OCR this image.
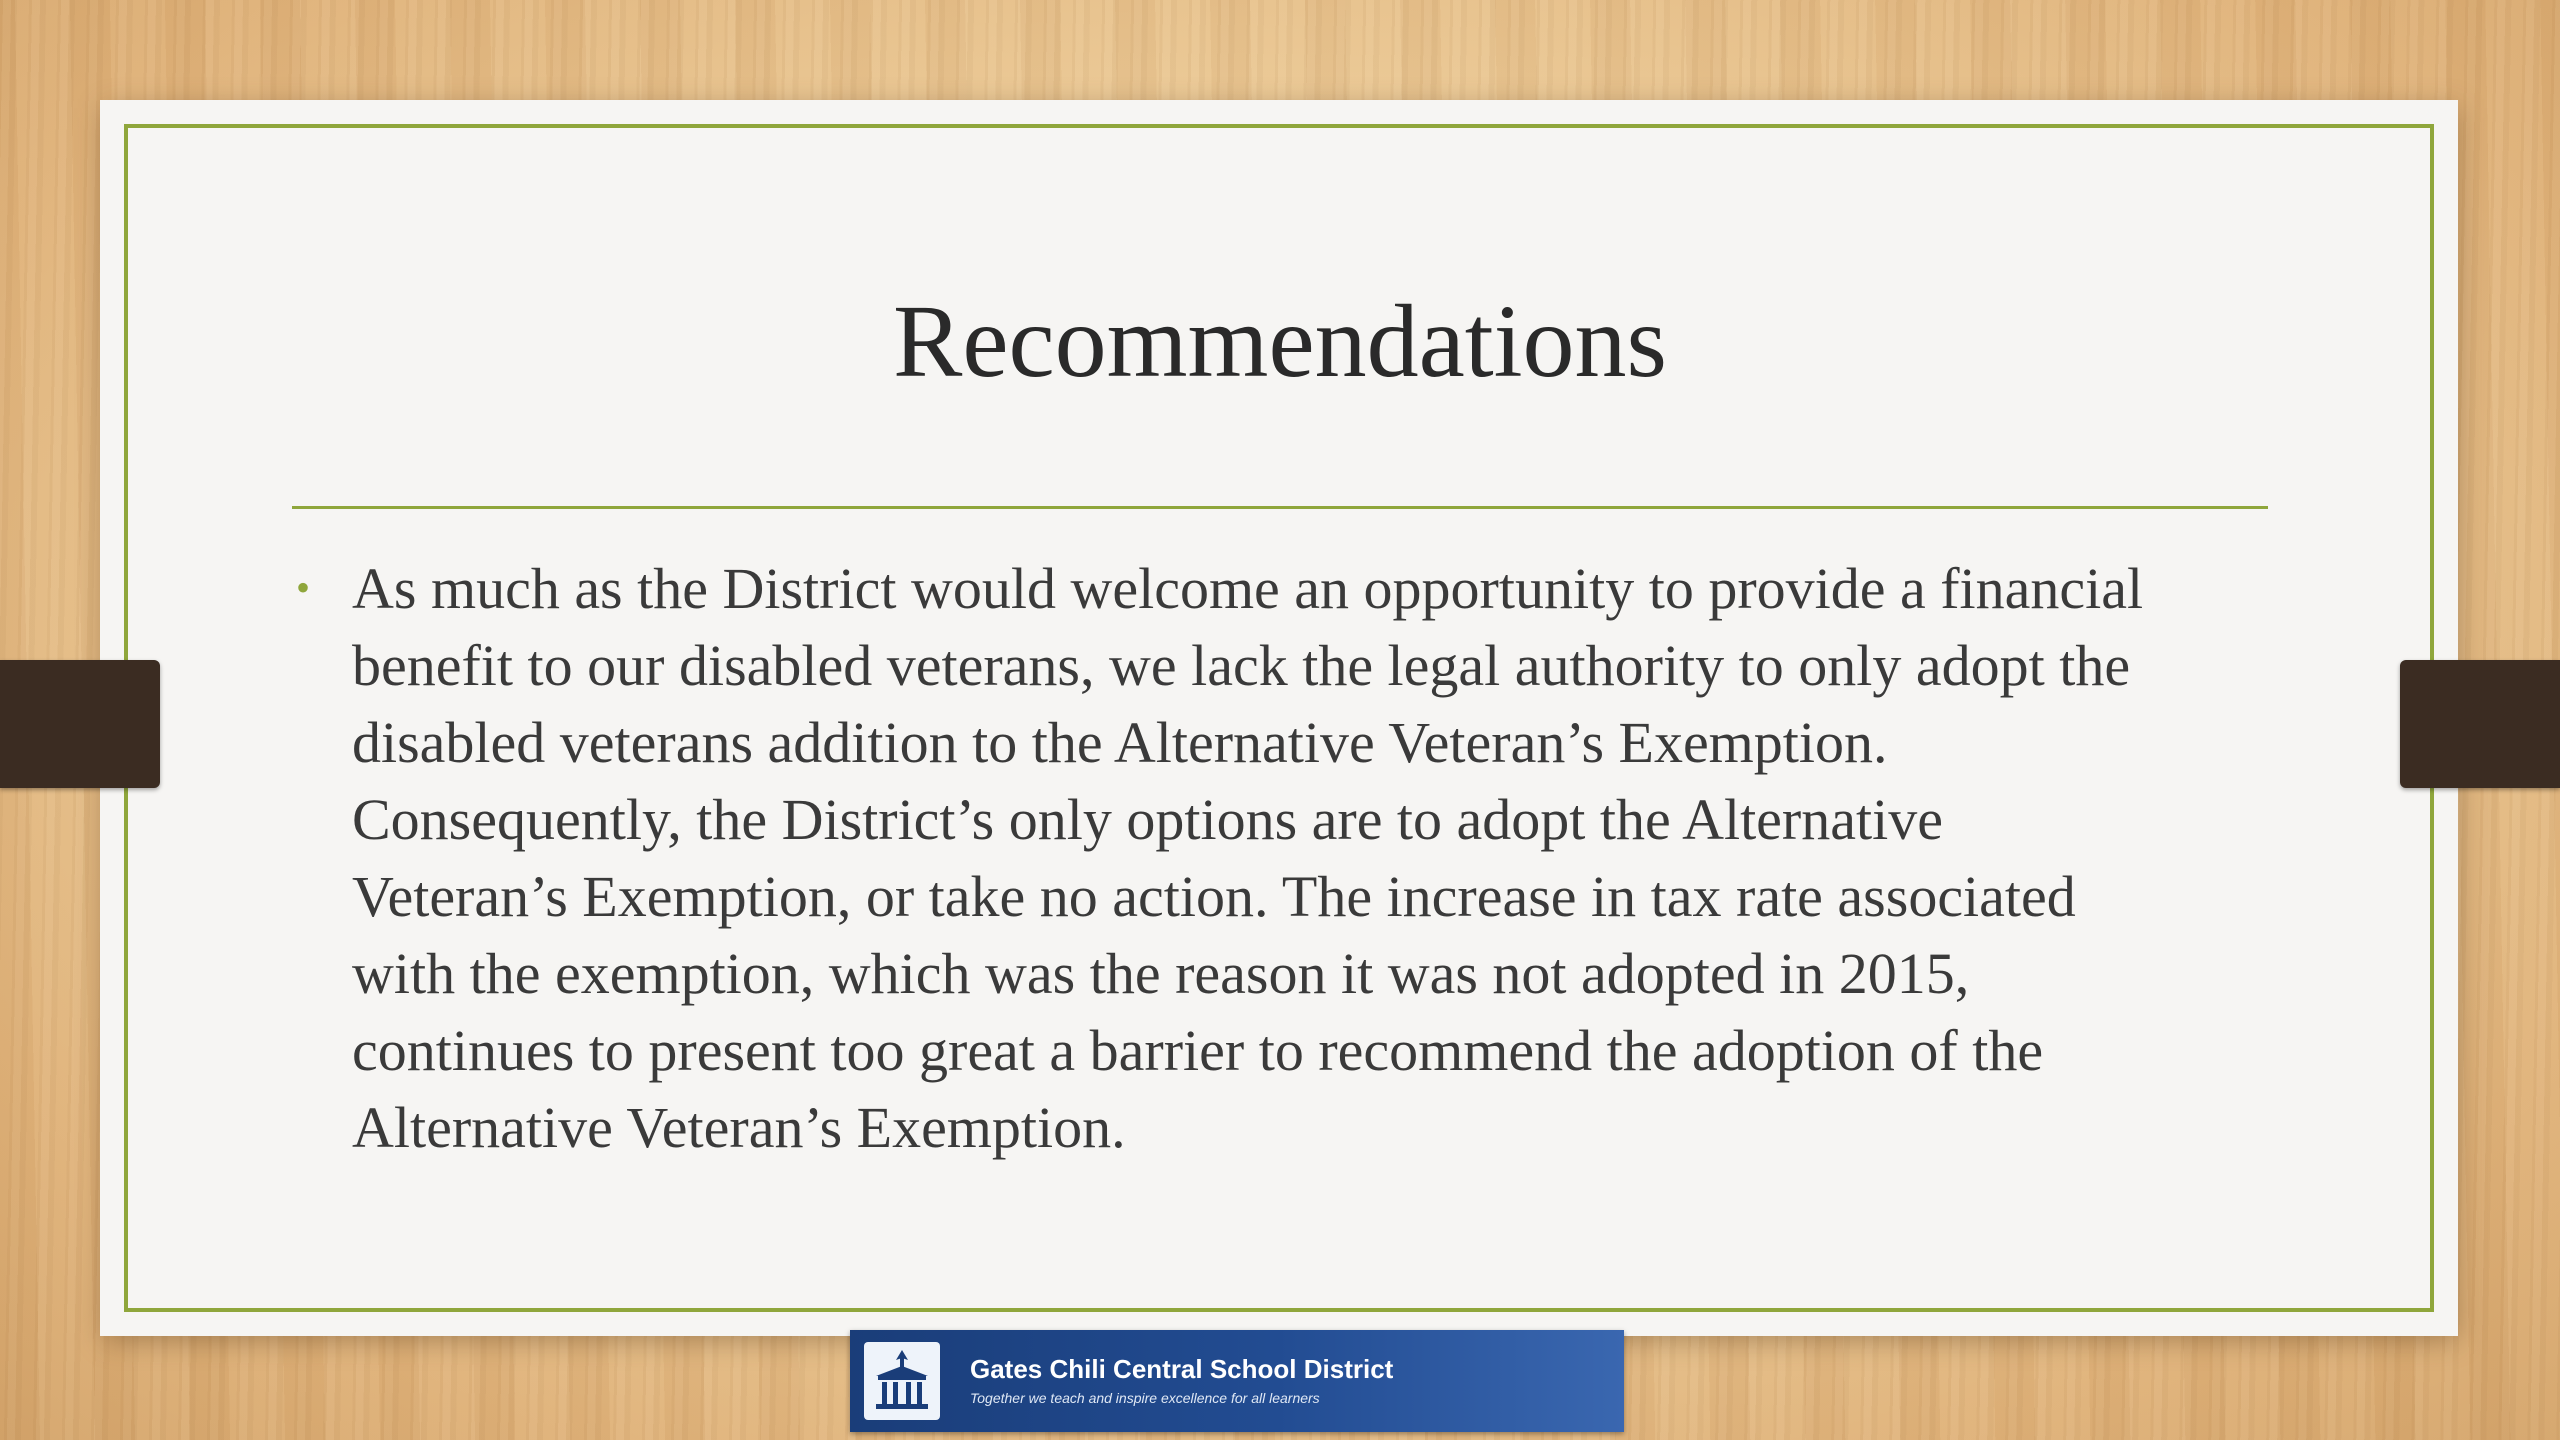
Recommendations
• As much as the District would welcome an opportunity to provide a financial
benefit to our disabled veterans, we lack the legal authority to only adopt the
disabled veterans addition to the Alternative Veteran’s Exemption.
Consequently, the District’s only options are to adopt the Alternative
Veteran’s Exemption, or take no action. The increase in tax rate associated
with the exemption, which was the reason it was not adopted in 2015,
continues to present too great a barrier to recommend the adoption of the
Alternative Veteran’s Exemption.
Gates Chili Central School District
Together we teach and inspire excellence for all learners
